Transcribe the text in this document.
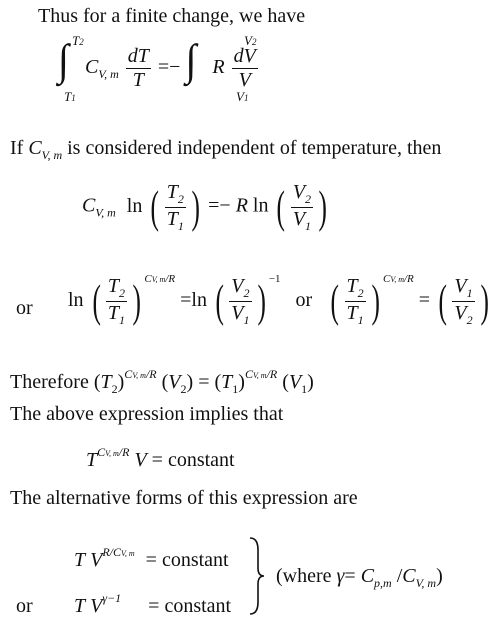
Thus for a finite change, we have
∫ T2
T1
$C_{V, m} \frac{dT}{T}$ =− ∫	V2
V1
R $\frac{dV}{V}$
If $C_{V, m}$ is considered independent of temperature, then
$C_{V, m}$ ln ( $\frac{T_2}{T_1}$ ) =− R ln ( $\frac{V_2}{V_1}$ )
or ln ( $\frac{T_2}{T_1}$ ) $^{CV, m/R}$ =ln ( $\frac{V_2}{V_1}$ ) $^{-1}$ or ( $\frac{T_2}{T_1}$ ) $^{CV, m/R}$ = ( $\frac{V_1}{V_2}$ )
Therefore $(T_2)^{CV, m/R}$ $(V_2) = (T_1)^{CV, m/R}$ $(V_1)$
The above expression implies that
$T^{CV, m/R}$ V = constant
The alternative forms of this expression are
T $V^{R/CV, m}$ = constant
or T $V^{\gamma-1}$ = constant
(where $\gamma= C_{p,m}$ $/C_{V, m}$)
